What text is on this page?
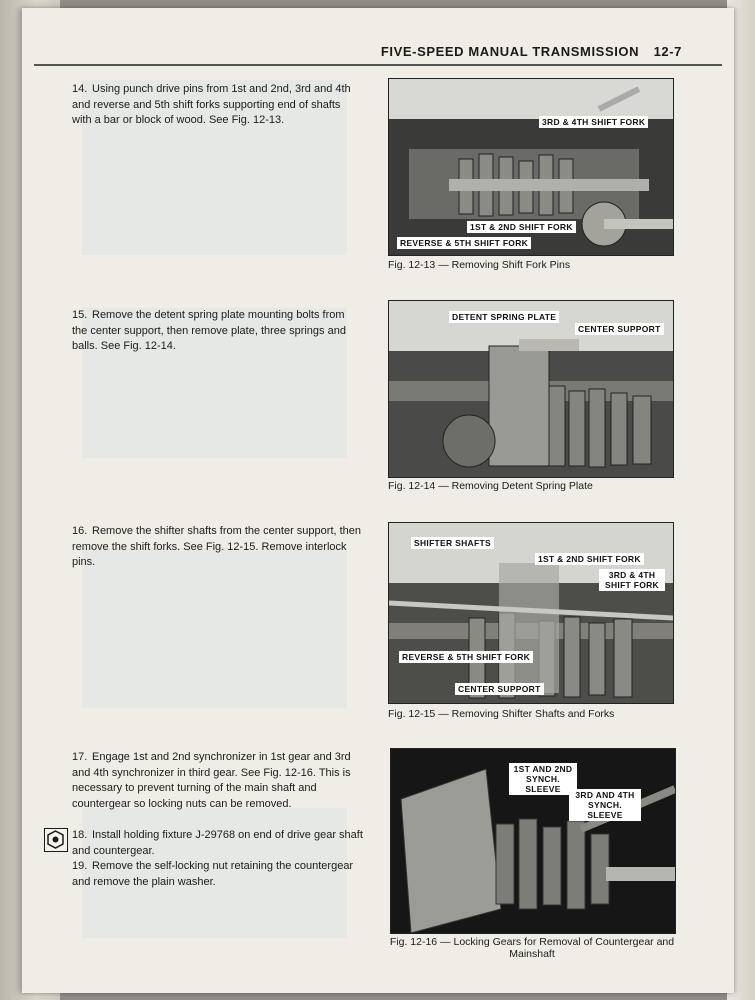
FIVE-SPEED MANUAL TRANSMISSION 12-7
14. Using punch drive pins from 1st and 2nd, 3rd and 4th and reverse and 5th shift forks supporting end of shafts with a bar or block of wood. See Fig. 12-13.	3RD & 4TH SHIFT FORK
1ST & 2ND SHIFT FORK
REVERSE & 5TH SHIFT FORK
Fig. 12-13 — Removing Shift Fork Pins
15. Remove the detent spring plate mounting bolts from the center support, then remove plate, three springs and balls. See Fig. 12-14.
DETENT SPRING PLATE
CENTER SUPPORT
Fig. 12-14 — Removing Detent Spring Plate
16. Remove the shifter shafts from the center support, then remove the shift forks. See Fig. 12-15. Remove interlock pins.
SHIFTER SHAFTS
1ST & 2ND SHIFT FORK
3RD & 4TH SHIFT FORK
REVERSE & 5TH SHIFT FORK
CENTER SUPPORT
Fig. 12-15 — Removing Shifter Shafts and Forks
17. Engage 1st and 2nd synchronizer in 1st gear and 3rd and 4th synchronizer in third gear. See Fig. 12-16. This is necessary to prevent turning of the main shaft and countergear so locking nuts can be removed.
18. Install holding fixture J-29768 on end of drive gear shaft and countergear.
19. Remove the self-locking nut retaining the countergear and remove the plain washer.
1ST AND 2ND SYNCH. SLEEVE
3RD AND 4TH SYNCH. SLEEVE
Fig. 12-16 — Locking Gears for Removal of Countergear and Mainshaft
